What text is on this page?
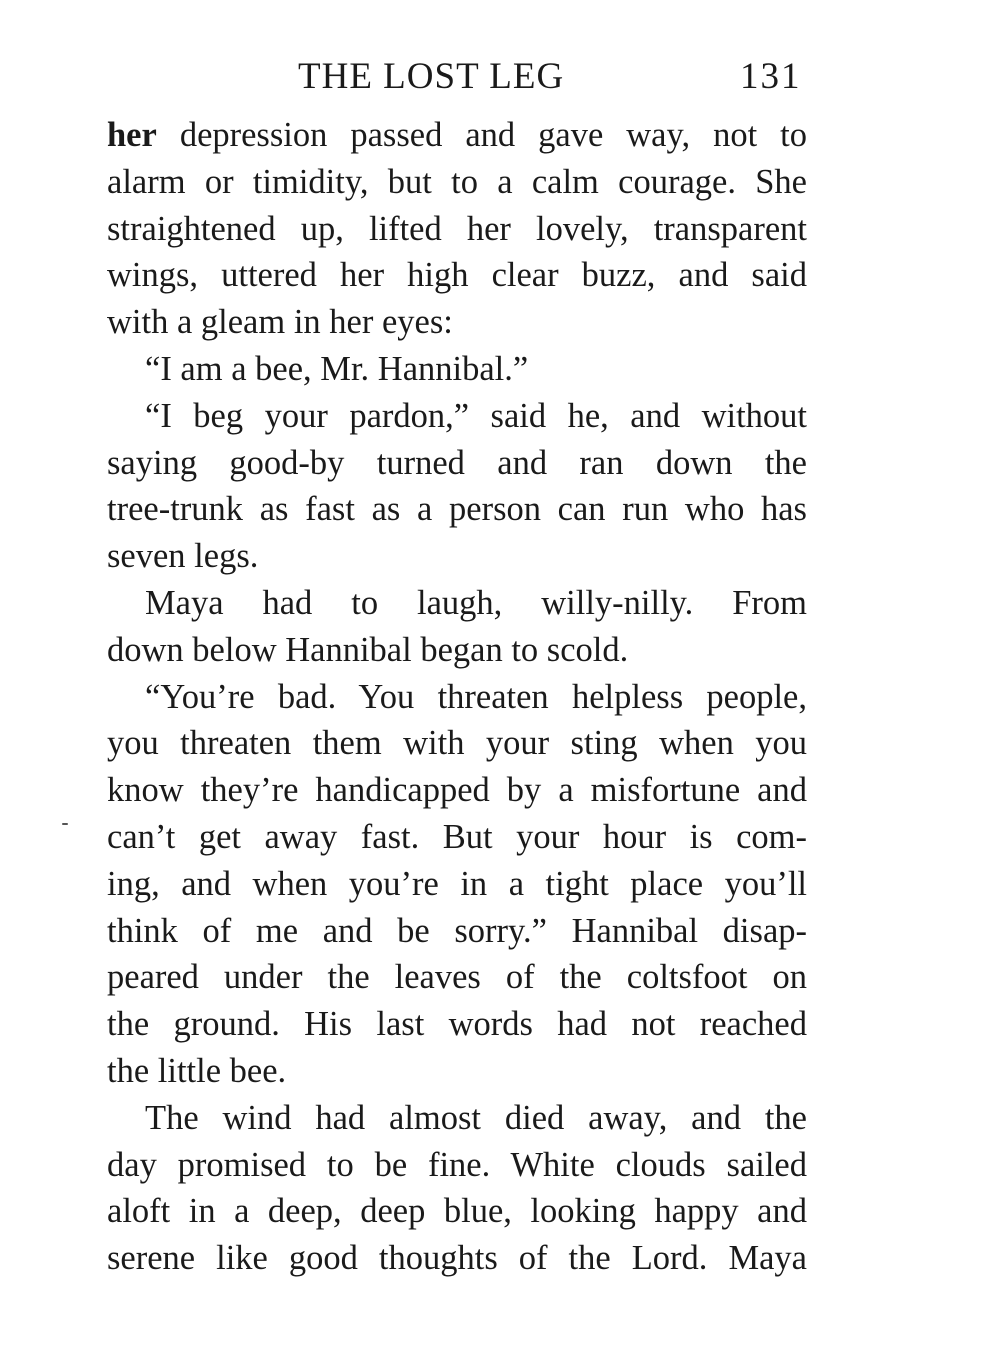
THE LOST LEG	131
her depression passed and gave way, not to
alarm or timidity, but to a calm courage. She
straightened up, lifted her lovely, transparent
wings, uttered her high clear buzz, and said
with a gleam in her eyes:
“I am a bee, Mr. Hannibal.”
“I beg your pardon,” said he, and without
saying good-by turned and ran down the
tree-trunk as fast as a person can run who has
seven legs.
Maya had to laugh, willy-nilly. From
down below Hannibal began to scold.
“You’re bad. You threaten helpless people,
you threaten them with your sting when you
know they’re handicapped by a misfortune and
can’t get away fast. But your hour is com-
ing, and when you’re in a tight place you’ll
think of me and be sorry.” Hannibal disap-
peared under the leaves of the coltsfoot on
the ground. His last words had not reached
the little bee.
The wind had almost died away, and the
day promised to be fine. White clouds sailed
aloft in a deep, deep blue, looking happy and
serene like good thoughts of the Lord. Maya
